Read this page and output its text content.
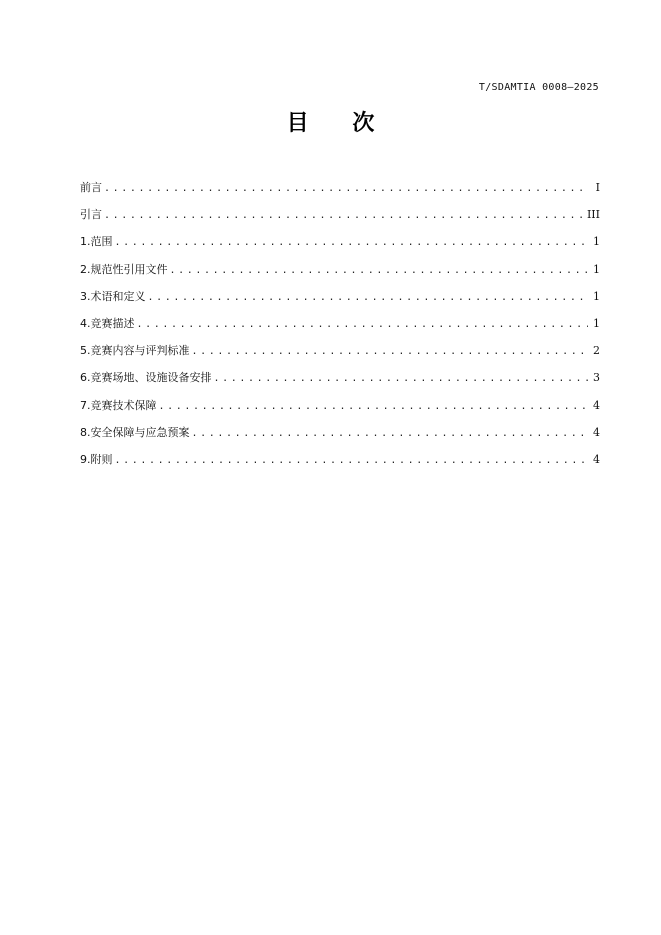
T/SDAMTIA 0008—2025
目 次
前言 .....	I
引言 .....	III
1.范围 .....	1
2.规范性引用文件 .....	1
3.术语和定义 .....	1
4.竞赛描述 .....	1
5.竞赛内容与评判标准 .....	2
6.竞赛场地、设施设备安排 .....	3
7.竞赛技术保障 .....	4
8.安全保障与应急预案 .....	4
9.附则 .....	4
